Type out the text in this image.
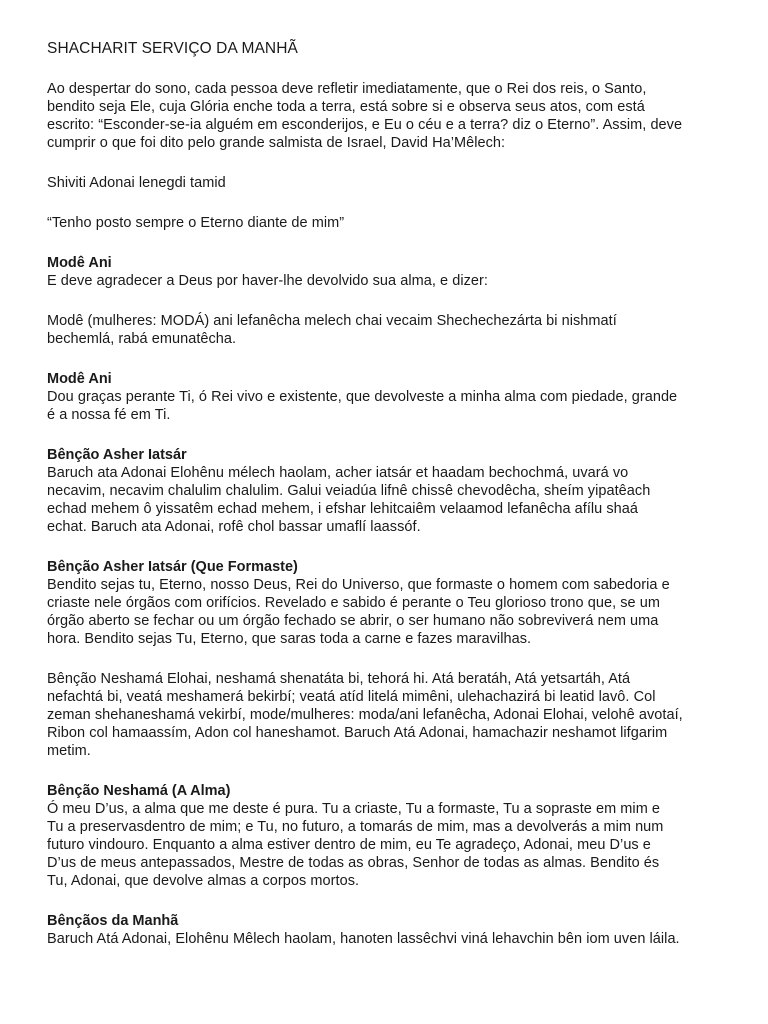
SHACHARIT SERVIÇO DA MANHÃ

Ao despertar do sono, cada pessoa deve refletir imediatamente, que o Rei dos reis, o Santo,
bendito seja Ele, cuja Glória enche toda a terra, está sobre si e observa seus atos, com está
escrito: “Esconder-se-ia alguém em esconderijos, e Eu o céu e a terra? diz o Eterno”. Assim, deve
cumprir o que foi dito pelo grande salmista de Israel, David Ha’Mêlech:

Shiviti Adonai lenegdi tamid

“Tenho posto sempre o Eterno diante de mim”

Modê Ani

E deve agradecer a Deus por haver-lhe devolvido sua alma, e dizer:

Modê (mulheres: MODÁ) ani lefanêcha melech chai vecaim Shechechezárta bi nishmatí
bechemlá, rabá emunatêcha.

Modê Ani

Dou graças perante Ti, ó Rei vivo e existente, que devolveste a minha alma com piedade, grande
é a nossa fé em Ti.

Bênção Asher Iatsár

Baruch ata Adonai Elohênu mélech haolam, acher iatsár et haadam bechochmá, uvará vo
necavim, necavim chalulim chalulim. Galui veiadúa lifnê chissê chevodêcha, sheím yipatêach
echad mehem ô yissatêm echad mehem, i efshar lehitcaiêm velaamod lefanêcha afílu shaá
echat. Baruch ata Adonai, rofê chol bassar umaflí laassóf.

Bênção Asher Iatsár (Que Formaste)

Bendito sejas tu, Eterno, nosso Deus, Rei do Universo, que formaste o homem com sabedoria e
criaste nele órgãos com orifícios. Revelado e sabido é perante o Teu glorioso trono que, se um
órgão aberto se fechar ou um órgão fechado se abrir, o ser humano não sobreviverá nem uma
hora. Bendito sejas Tu, Eterno, que saras toda a carne e fazes maravilhas.

Bênção Neshamá Elohai, neshamá shenatáta bi, tehorá hi. Atá beratáh, Atá yetsartáh, Atá
nefachtá bi, veatá meshamerá bekirbí; veatá atíd litelá mimêni, ulehachazirá bi leatid lavô. Col
zeman shehaneshamá vekirbí, mode/mulheres: moda/ani lefanêcha, Adonai Elohai, velohê avotaí,
Ribon col hamaassím, Adon col haneshamot. Baruch Atá Adonai, hamachazir neshamot lifgarim
metim.

Bênção Neshamá (A Alma)

Ó meu D’us, a alma que me deste é pura. Tu a criaste, Tu a formaste, Tu a sopraste em mim e
Tu a preservasdentro de mim; e Tu, no futuro, a tomarás de mim, mas a devolverás a mim num
futuro vindouro. Enquanto a alma estiver dentro de mim, eu Te agradeço, Adonai, meu D’us e
D’us de meus antepassados, Mestre de todas as obras, Senhor de todas as almas. Bendito és
Tu, Adonai, que devolve almas a corpos mortos.

Bênçãos da Manhã

Baruch Atá Adonai, Elohênu Mêlech haolam, hanoten lassêchvi viná lehavchin bên iom uven láila.
